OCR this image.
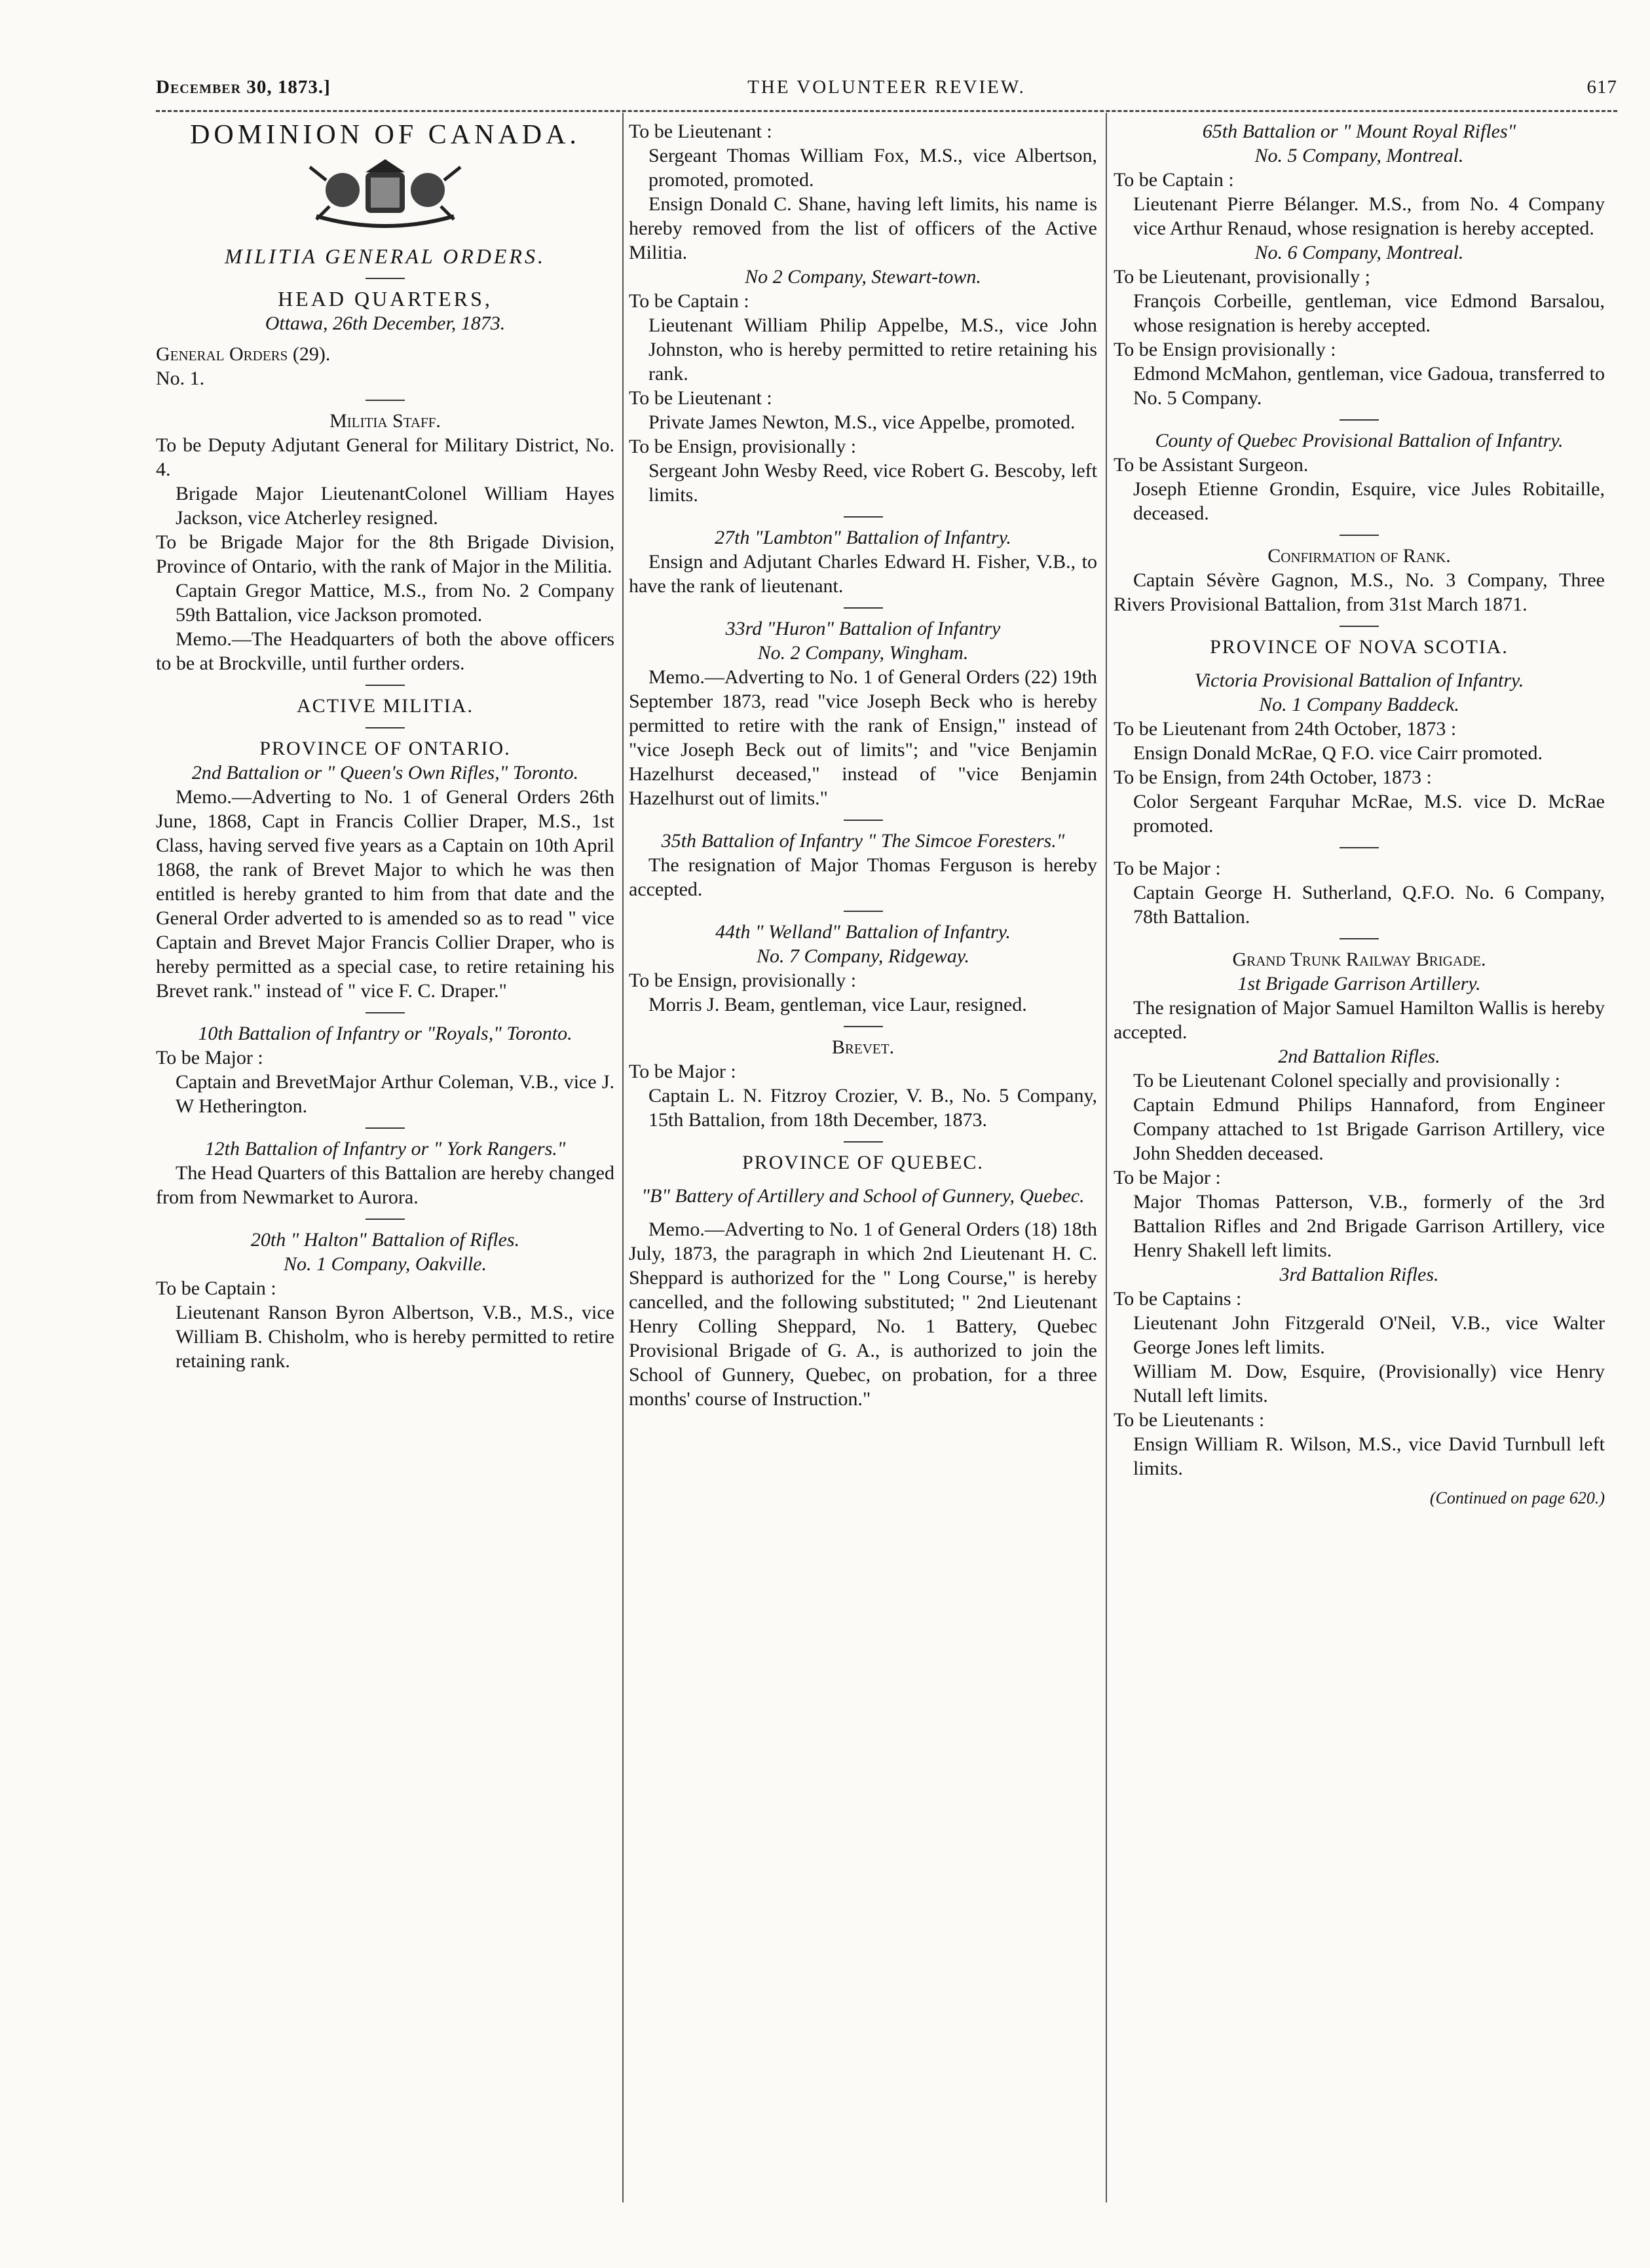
December 30, 1873.]	THE VOLUNTEER REVIEW.	617

DOMINION OF CANADA.

MILITIA GENERAL ORDERS.

HEAD QUARTERS,

Ottawa, 26th December, 1873.

General Orders (29).

No. 1.

Militia Staff.

To be Deputy Adjutant General for Military District, No. 4.

Brigade Major LieutenantColonel William Hayes Jackson, vice Atcherley resigned.

To be Brigade Major for the 8th Brigade Division, Province of Ontario, with the rank of Major in the Militia.

Captain Gregor Mattice, M.S., from No. 2 Company 59th Battalion, vice Jackson promoted.

Memo.—The Headquarters of both the above officers to be at Brockville, until further orders.

ACTIVE MILITIA.

PROVINCE OF ONTARIO.

2nd Battalion or " Queen's Own Rifles," Toronto.

Memo.—Adverting to No. 1 of General Orders 26th June, 1868, Capt in Francis Collier Draper, M.S., 1st Class, having served five years as a Captain on 10th April 1868, the rank of Brevet Major to which he was then entitled is hereby granted to him from that date and the General Order adverted to is amended so as to read " vice Captain and Brevet Major Francis Collier Draper, who is hereby permitted as a special case, to retire retaining his Brevet rank." instead of " vice F. C. Draper."

10th Battalion of Infantry or "Royals," Toronto.

To be Major :

Captain and BrevetMajor Arthur Coleman, V.B., vice J. W Hetherington.

12th Battalion of Infantry or " York Rangers."

The Head Quarters of this Battalion are hereby changed from from Newmarket to Aurora.

20th " Halton" Battalion of Rifles.

No. 1 Company, Oakville.

To be Captain :

Lieutenant Ranson Byron Albertson, V.B., M.S., vice William B. Chisholm, who is hereby permitted to retire retaining rank.

To be Lieutenant :

Sergeant Thomas William Fox, M.S., vice Albertson, promoted, promoted.

Ensign Donald C. Shane, having left limits, his name is hereby removed from the list of officers of the Active Militia.

No 2 Company, Stewart-town.

To be Captain :

Lieutenant William Philip Appelbe, M.S., vice John Johnston, who is hereby permitted to retire retaining his rank.

To be Lieutenant :

Private James Newton, M.S., vice Appelbe, promoted.

To be Ensign, provisionally :

Sergeant John Wesby Reed, vice Robert G. Bescoby, left limits.

27th "Lambton" Battalion of Infantry.

Ensign and Adjutant Charles Edward H. Fisher, V.B., to have the rank of lieutenant.

33rd "Huron" Battalion of Infantry

No. 2 Company, Wingham.

Memo.—Adverting to No. 1 of General Orders (22) 19th September 1873, read "vice Joseph Beck who is hereby permitted to retire with the rank of Ensign," instead of "vice Joseph Beck out of limits"; and "vice Benjamin Hazelhurst deceased," instead of "vice Benjamin Hazelhurst out of limits."

35th Battalion of Infantry " The Simcoe Foresters."

The resignation of Major Thomas Ferguson is hereby accepted.

44th " Welland" Battalion of Infantry.

No. 7 Company, Ridgeway.

To be Ensign, provisionally :

Morris J. Beam, gentleman, vice Laur, resigned.

Brevet.

To be Major :

Captain L. N. Fitzroy Crozier, V. B., No. 5 Company, 15th Battalion, from 18th December, 1873.

PROVINCE OF QUEBEC.

"B" Battery of Artillery and School of Gunnery, Quebec.

Memo.—Adverting to No. 1 of General Orders (18) 18th July, 1873, the paragraph in which 2nd Lieutenant H. C. Sheppard is authorized for the " Long Course," is hereby cancelled, and the following substituted; " 2nd Lieutenant Henry Colling Sheppard, No. 1 Battery, Quebec Provisional Brigade of G. A., is authorized to join the School of Gunnery, Quebec, on probation, for a three months' course of Instruction."

65th Battalion or " Mount Royal Rifles"

No. 5 Company, Montreal.

To be Captain :

Lieutenant Pierre Bélanger. M.S., from No. 4 Company vice Arthur Renaud, whose resignation is hereby accepted.

No. 6 Company, Montreal.

To be Lieutenant, provisionally ;

François Corbeille, gentleman, vice Edmond Barsalou, whose resignation is hereby accepted.

To be Ensign provisionally :

Edmond McMahon, gentleman, vice Gadoua, transferred to No. 5 Company.

County of Quebec Provisional Battalion of Infantry.

To be Assistant Surgeon.

Joseph Etienne Grondin, Esquire, vice Jules Robitaille, deceased.

Confirmation of Rank.

Captain Sévère Gagnon, M.S., No. 3 Company, Three Rivers Provisional Battalion, from 31st March 1871.

PROVINCE OF NOVA SCOTIA.

Victoria Provisional Battalion of Infantry.

No. 1 Company Baddeck.

To be Lieutenant from 24th October, 1873 :

Ensign Donald McRae, Q F.O. vice Cairr promoted.

To be Ensign, from 24th October, 1873 :

Color Sergeant Farquhar McRae, M.S. vice D. McRae promoted.

To be Major :

Captain George H. Sutherland, Q.F.O. No. 6 Company, 78th Battalion.

Grand Trunk Railway Brigade.

1st Brigade Garrison Artillery.

The resignation of Major Samuel Hamilton Wallis is hereby accepted.

2nd Battalion Rifles.

To be Lieutenant Colonel specially and provisionally :

Captain Edmund Philips Hannaford, from Engineer Company attached to 1st Brigade Garrison Artillery, vice John Shedden deceased.

To be Major :

Major Thomas Patterson, V.B., formerly of the 3rd Battalion Rifles and 2nd Brigade Garrison Artillery, vice Henry Shakell left limits.

3rd Battalion Rifles.

To be Captains :

Lieutenant John Fitzgerald O'Neil, V.B., vice Walter George Jones left limits.

William M. Dow, Esquire, (Provisionally) vice Henry Nutall left limits.

To be Lieutenants :

Ensign William R. Wilson, M.S., vice David Turnbull left limits.

(Continued on page 620.)
